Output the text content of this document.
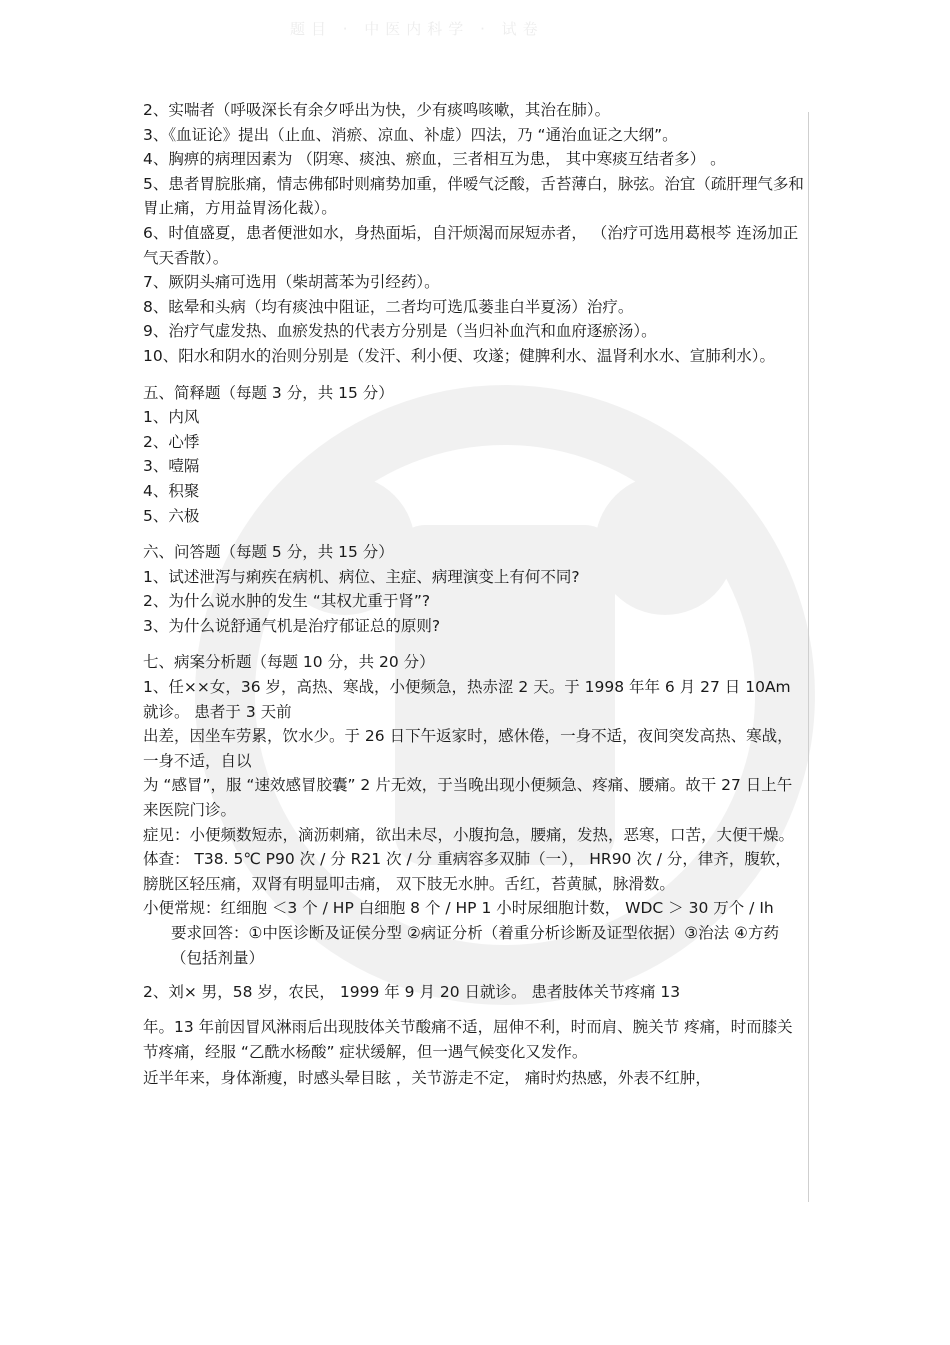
题目 · 中医内科学 · 试卷

2、实喘者（呼吸深长有余夕呼出为快，少有痰鸣咳嗽，其治在肺）。

3、《血证论》提出（止血、消瘀、凉血、补虚）四法，乃 “通治血证之大纲”。

4、胸痹的病理因素为 （阴寒、痰浊、瘀血，三者相互为患， 其中寒痰互结者多） 。

5、患者胃脘胀痛，情志佛郁时则痛势加重，伴嗳气泛酸，舌苔薄白，脉弦。治宜（疏肝理气多和胃止痛，方用益胃汤化裁）。

6、时值盛夏，患者便泄如水，身热面垢，自汗烦渴而尿短赤者， （治疗可选用葛根芩 连汤加正气天香散）。

7、厥阴头痛可选用（柴胡蒿苯为引经药）。

8、眩晕和头病（均有痰浊中阻证，二者均可选瓜蒌韭白半夏汤）治疗。

9、治疗气虚发热、血瘀发热的代表方分别是（当归补血汽和血府逐瘀汤）。

10、阳水和阴水的治则分别是（发汗、利小便、攻遂；健脾利水、温肾利水水、宣肺利水）。

五、简释题（每题 3 分，共 15 分）

1、内风

2、心悸

3、噎隔

4、积聚

5、六极

六、问答题（每题 5 分，共 15 分）

1、试述泄泻与痢疾在病机、病位、主症、病理演变上有何不同?

2、为什么说水肿的发生 “其权尤重于肾”?

3、为什么说舒通气机是治疗郁证总的原则?

七、病案分析题（每题 10 分，共 20 分）

1、任××女，36 岁，高热、寒战，小便频急，热赤涩 2 天。于 1998 年年 6 月 27 日 10Am 就诊。 患者于 3 天前

出差，因坐车劳累，饮水少。于 26 日下午返家时，感休倦，一身不适，夜间突发高热、寒战，一身不适，自以

为 “感冒”，服 “速效感冒胶囊” 2 片无效，于当晚出现小便频急、疼痛、腰痛。故干 27 日上午来医院门诊。

症见：小便频数短赤，滴沥刺痛，欲出未尽，小腹拘急，腰痛，发热，恶寒，口苦，大便干燥。

体查： T38. 5℃ P90 次 / 分 R21 次 / 分 重病容多双肺（一）， HR90 次 / 分，律齐，腹软，膀胱区轻压痛，双肾有明显叩击痛， 双下肢无水肿。舌红，苔黄腻，脉滑数。

小便常规：红细胞 ＜3 个 / HP 白细胞 8 个 / HP 1 小时尿细胞计数， WDC ＞ 30 万个 / Ih

要求回答：①中医诊断及证侯分型 ②病证分析（着重分析诊断及证型依据）③治法 ④方药（包括剂量）

2、刘× 男，58 岁，农民， 1999 年 9 月 20 日就诊。 患者肢体关节疼痛 13

年。13 年前因冒风淋雨后出现肢体关节酸痛不适，屈伸不利，时而肩、腕关节 疼痛，时而膝关节疼痛，经服 “乙酰水杨酸” 症状缓解，但一遇气候变化又发作。

近半年来，身体渐瘦，时感头晕目眩 ，关节游走不定， 痛时灼热感，外表不红肿，
